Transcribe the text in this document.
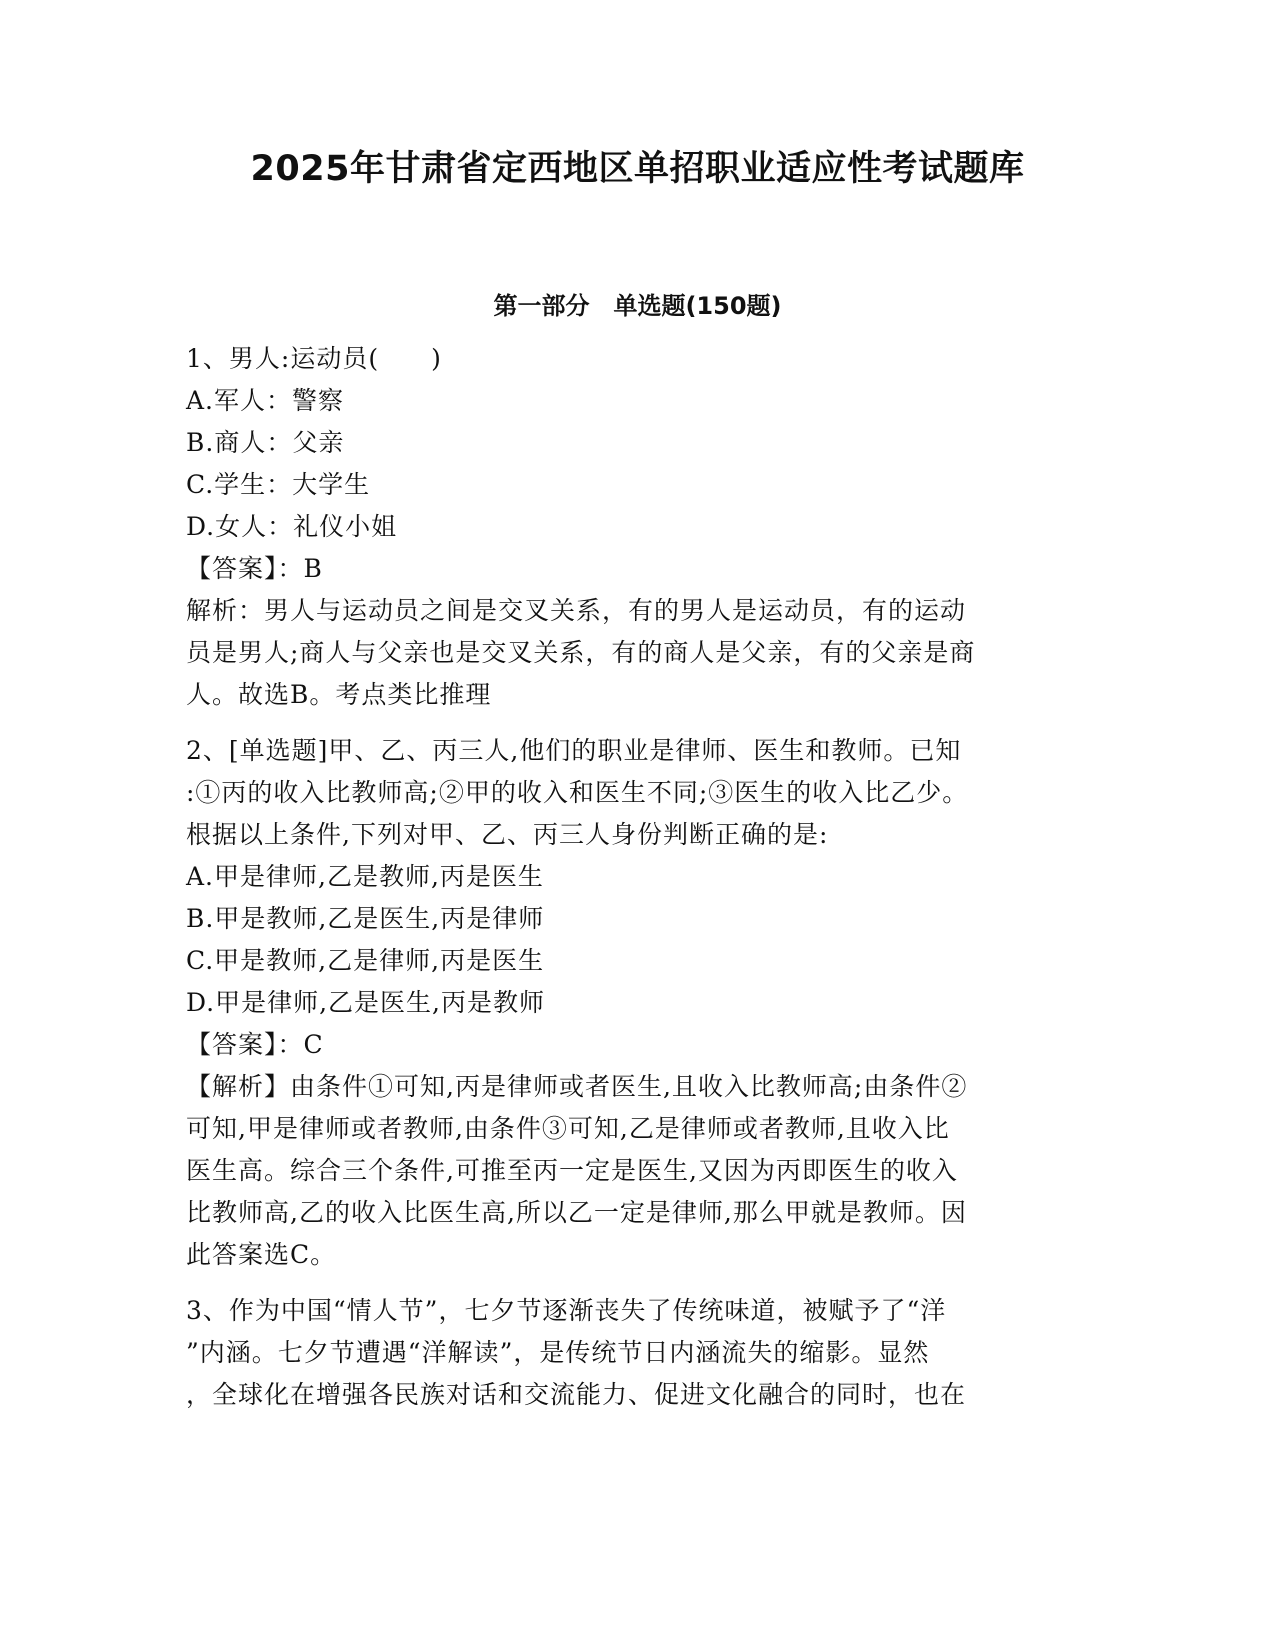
2025年甘肃省定西地区单招职业适应性考试题库
第一部分　单选题(150题)
1、男人:运动员(　　)
A.军人：警察
B.商人：父亲
C.学生：大学生
D.女人：礼仪小姐
【答案】：B
解析：男人与运动员之间是交叉关系，有的男人是运动员，有的运动
员是男人;商人与父亲也是交叉关系，有的商人是父亲，有的父亲是商
人。故选B。考点类比推理
2、[单选题]甲、乙、丙三人,他们的职业是律师、医生和教师。已知
:①丙的收入比教师高;②甲的收入和医生不同;③医生的收入比乙少。
根据以上条件,下列对甲、乙、丙三人身份判断正确的是:
A.甲是律师,乙是教师,丙是医生
B.甲是教师,乙是医生,丙是律师
C.甲是教师,乙是律师,丙是医生
D.甲是律师,乙是医生,丙是教师
【答案】：C
【解析】由条件①可知,丙是律师或者医生,且收入比教师高;由条件②
可知,甲是律师或者教师,由条件③可知,乙是律师或者教师,且收入比
医生高。综合三个条件,可推至丙一定是医生,又因为丙即医生的收入
比教师高,乙的收入比医生高,所以乙一定是律师,那么甲就是教师。因
此答案选C。
3、作为中国“情人节”，七夕节逐渐丧失了传统味道，被赋予了“洋
”内涵。七夕节遭遇“洋解读”，是传统节日内涵流失的缩影。显然
，全球化在增强各民族对话和交流能力、促进文化融合的同时，也在
